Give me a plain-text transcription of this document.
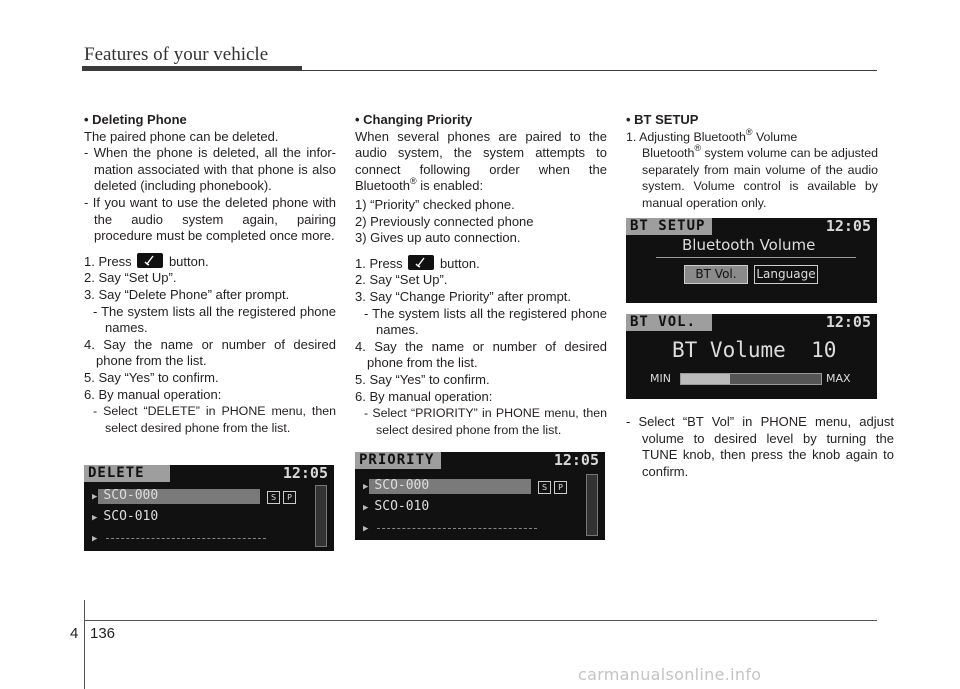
Features of your vehicle

• Deleting Phone

The paired phone can be deleted.

- When the phone is deleted, all the infor-mation associated with that phone is also deleted (including phonebook).

- If you want to use the deleted phone with the audio system again, pairing procedure must be completed once more.

1. Press	button.

2. Say “Set Up”.

3. Say “Delete Phone” after prompt.

- The system lists all the registered phone names.

4. Say the name or number of desired phone from the list.

5. Say “Yes” to confirm.

6. By manual operation:

- Select “DELETE” in PHONE menu, then select desired phone from the list.

• Changing Priority

When several phones are paired to the audio system, the system attempts to connect following order when the Bluetooth® is enabled:

1) “Priority” checked phone.

2) Previously connected phone

3) Gives up auto connection.

1. Press	button.

2. Say “Set Up”.

3. Say “Change Priority” after prompt.

- The system lists all the registered phone names.

4. Say the name or number of desired phone from the list.

5. Say “Yes” to confirm.

6. By manual operation:

- Select “PRIORITY” in PHONE menu, then select desired phone from the list.

• BT SETUP

1. Adjusting Bluetooth® Volume

Bluetooth® system volume can be adjusted separately from main volume of the audio system. Volume control is available by manual operation only.

- Select “BT Vol” in PHONE menu, adjust volume to desired level by turning the TUNE knob, then press the knob again to confirm.

DELETE	12:05
▶ SCO-000	S	P
▶ SCO-010
▶
PRIORITY	12:05
▶ SCO-000	S	P
▶ SCO-010
▶
BT SETUP	12:05
Bluetooth Volume
BT Vol.	Language
BT VOL.	12:05
BT Volume  10
MIN	MAX
4 136
carmanualsonline.info
